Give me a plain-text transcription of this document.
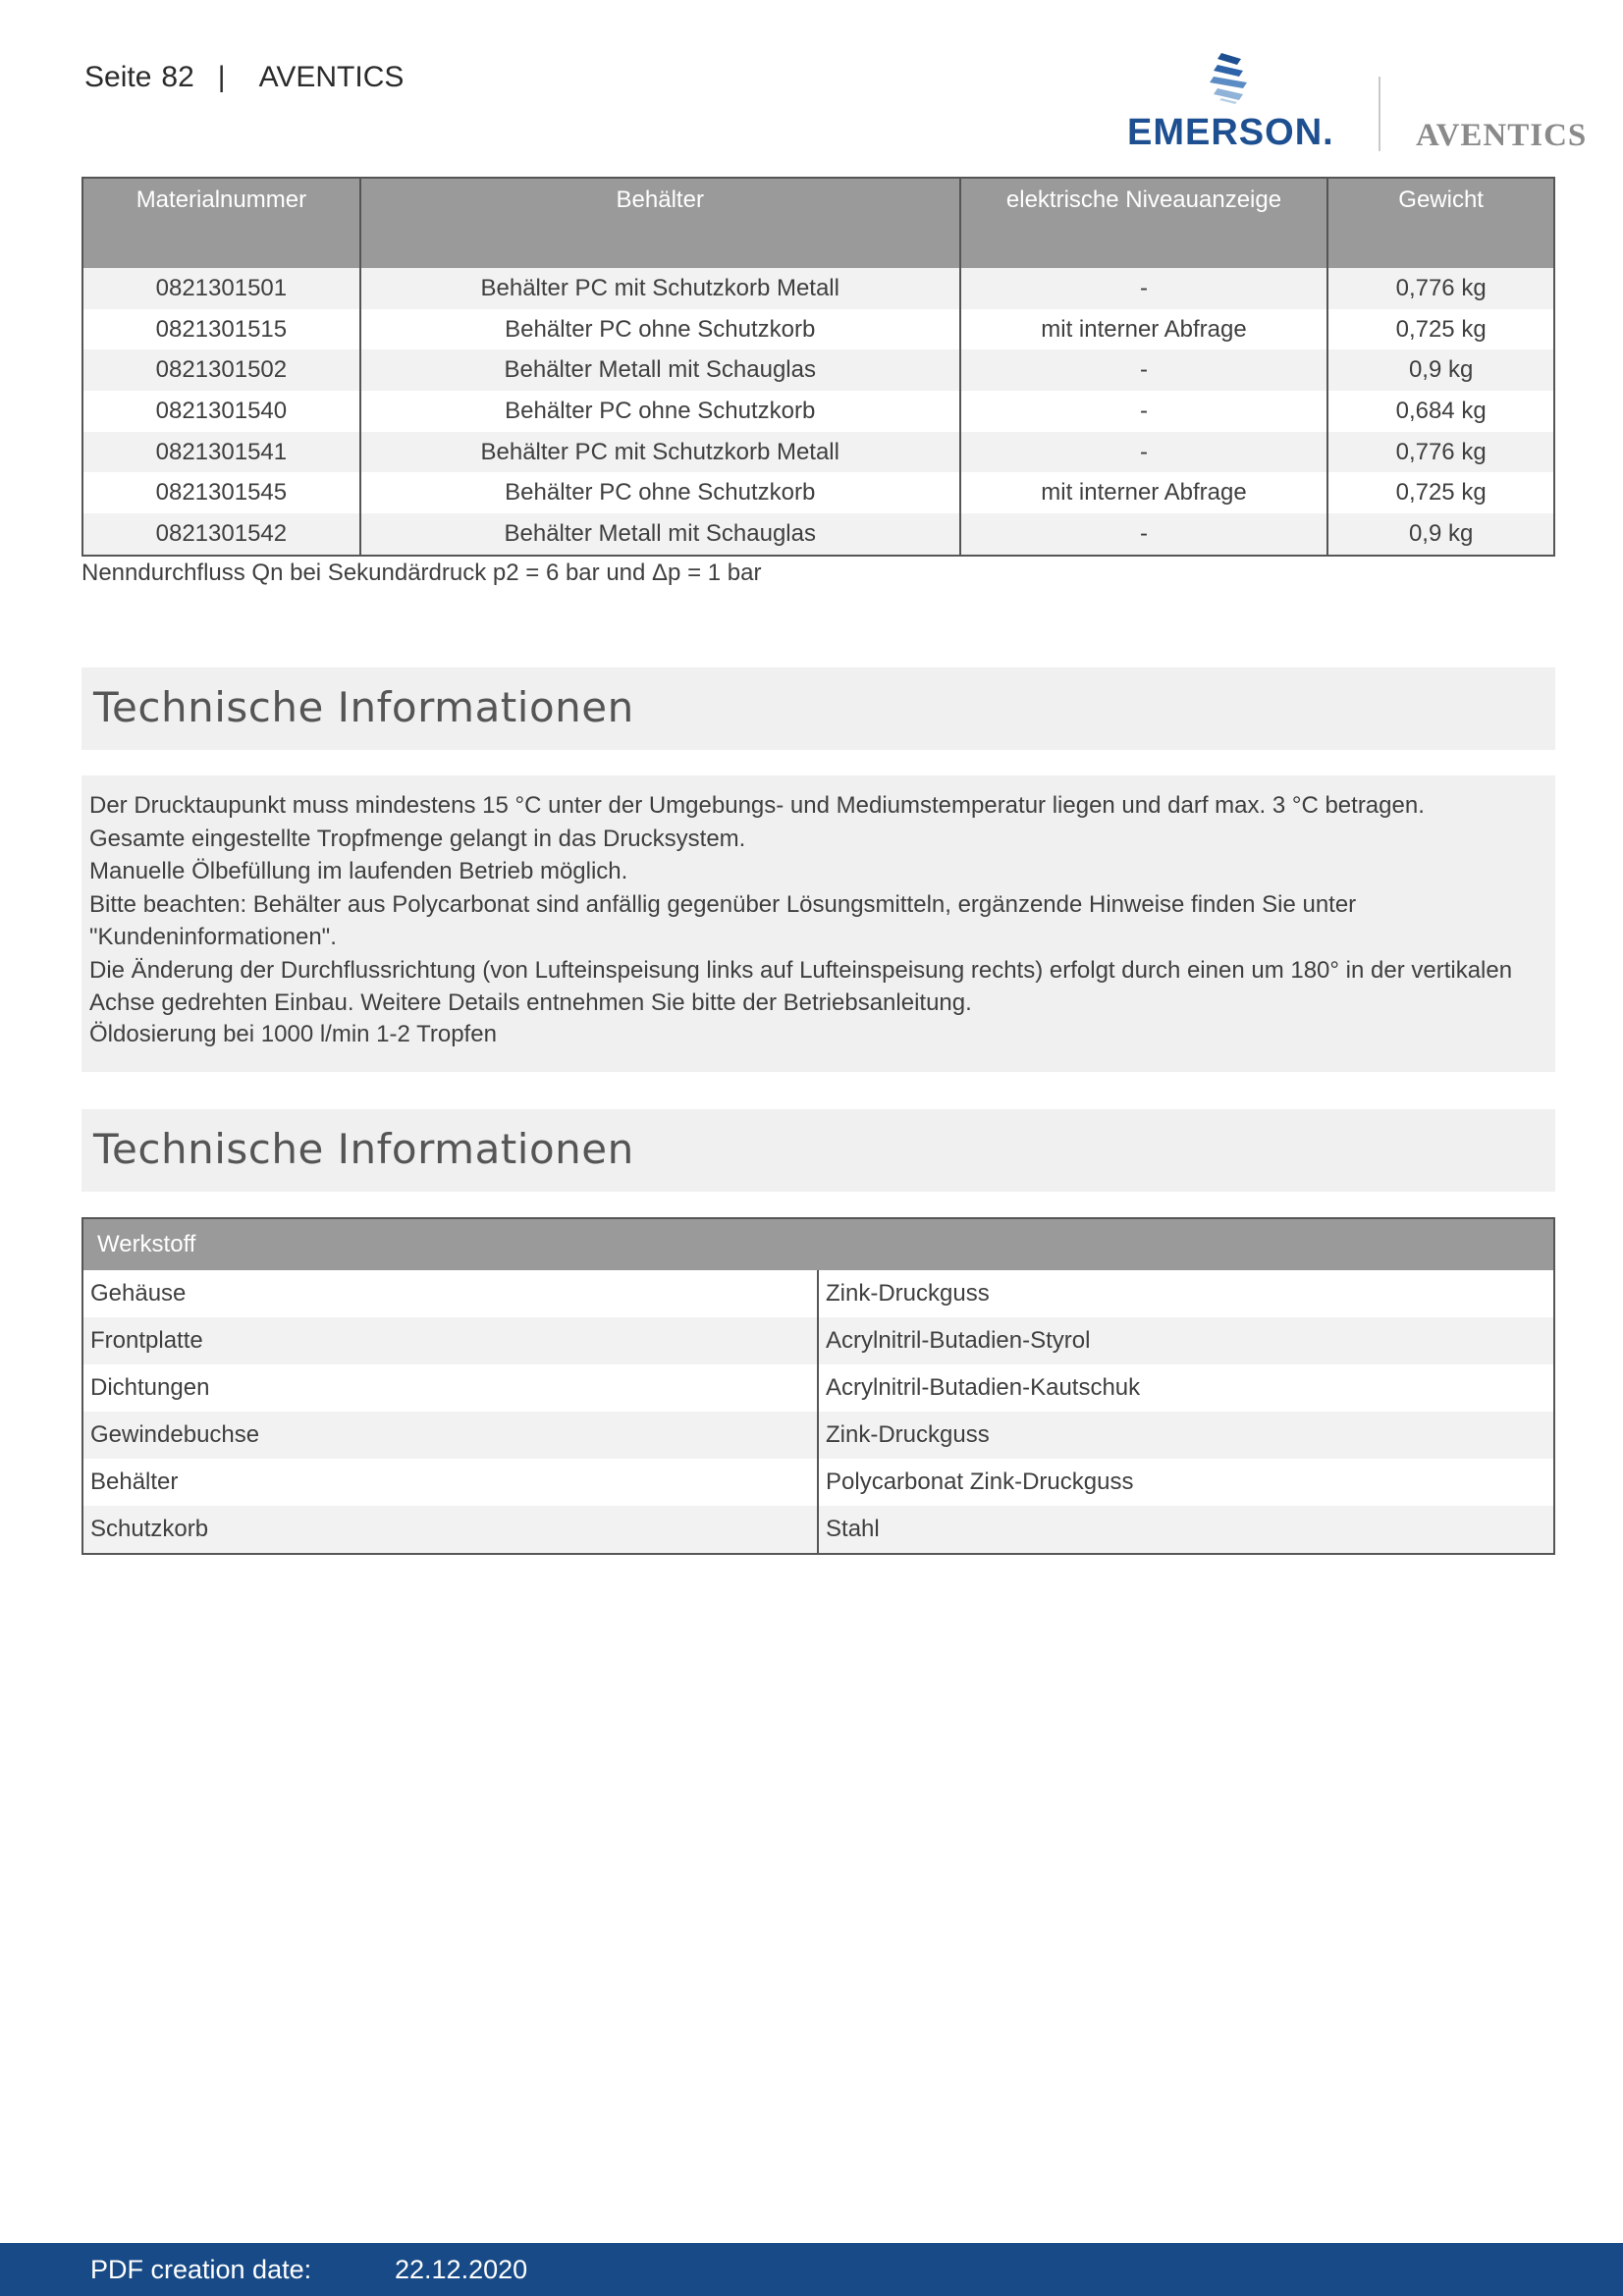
Seite 82 | AVENTICS
EMERSON.	AVENTICS
Materialnummer	Behälter	elektrische Niveauanzeige	Gewicht
0821301501	Behälter PC mit Schutzkorb Metall	-	0,776 kg
0821301515	Behälter PC ohne Schutzkorb	mit interner Abfrage	0,725 kg
0821301502	Behälter Metall mit Schauglas	-	0,9 kg
0821301540	Behälter PC ohne Schutzkorb	-	0,684 kg
0821301541	Behälter PC mit Schutzkorb Metall	-	0,776 kg
0821301545	Behälter PC ohne Schutzkorb	mit interner Abfrage	0,725 kg
0821301542	Behälter Metall mit Schauglas	-	0,9 kg
Nenndurchfluss Qn bei Sekundärdruck p2 = 6 bar und Δp = 1 bar
Technische Informationen

Der Drucktaupunkt muss mindestens 15 °C unter der Umgebungs- und Mediumstemperatur liegen und darf max. 3 °C betragen.

Gesamte eingestellte Tropfmenge gelangt in das Drucksystem.

Manuelle Ölbefüllung im laufenden Betrieb möglich.

Bitte beachten: Behälter aus Polycarbonat sind anfällig gegenüber Lösungsmitteln, ergänzende Hinweise finden Sie unter "Kundeninformationen".

Die Änderung der Durchflussrichtung (von Lufteinspeisung links auf Lufteinspeisung rechts) erfolgt durch einen um 180° in der vertikalen Achse gedrehten Einbau. Weitere Details entnehmen Sie bitte der Betriebsanleitung.

Öldosierung bei 1000 l/min 1-2 Tropfen
Technische Informationen
Werkstoff	
Gehäuse	Zink-Druckguss
Frontplatte	Acrylnitril-Butadien-Styrol
Dichtungen	Acrylnitril-Butadien-Kautschuk
Gewindebuchse	Zink-Druckguss
Behälter	Polycarbonat Zink-Druckguss
Schutzkorb	Stahl
PDF creation date:	22.12.2020
